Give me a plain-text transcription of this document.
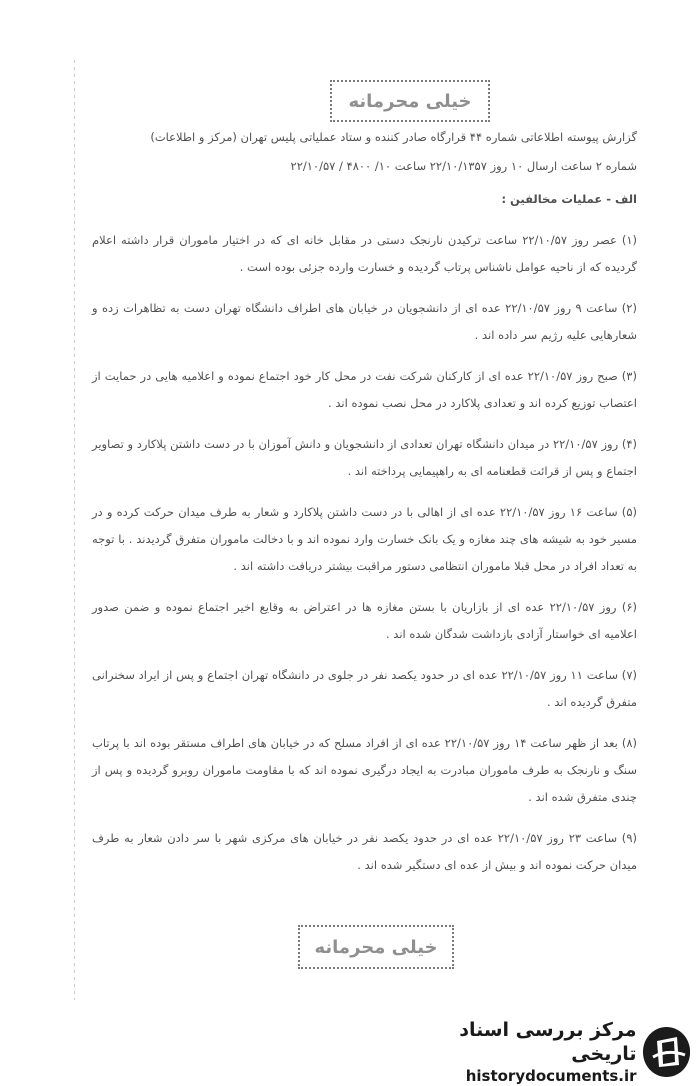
خیلی محرمانه

گزارش پیوسته اطلاعاتی شماره ۴۴ قرارگاه صادر کننده و ستاد عملیاتی پلیس تهران (مرکز و اطلاعات)

شماره ۲ ساعت ارسال ۱۰ روز ۲۲/۱۰/۱۳۵۷ ساعت ۱۰/ ۴۸۰۰ / ۲۲/۱۰/۵۷

الف - عملیات مخالفین :

(۱) عصر روز ۲۲/۱۰/۵۷ ساعت ترکیدن نارنجک دستی در مقابل خانه ای که در اختیار ماموران قرار داشته اعلام گردیده که از ناحیه عوامل ناشناس پرتاب گردیده و خسارت وارده جزئی بوده است .

(۲) ساعت ۹ روز ۲۲/۱۰/۵۷ عده ای از دانشجویان در خیابان های اطراف دانشگاه تهران دست به تظاهرات زده و شعارهایی علیه رژیم سر داده اند .

(۳) صبح روز ۲۲/۱۰/۵۷ عده ای از کارکنان شرکت نفت در محل کار خود اجتماع نموده و اعلامیه هایی در حمایت از اعتصاب توزیع کرده اند و تعدادی پلاکارد در محل نصب نموده اند .

(۴) روز ۲۲/۱۰/۵۷ در میدان دانشگاه تهران تعدادی از دانشجویان و دانش آموزان با در دست داشتن پلاکارد و تصاویر اجتماع و پس از قرائت قطعنامه ای به راهپیمایی پرداخته اند .

(۵) ساعت ۱۶ روز ۲۲/۱۰/۵۷ عده ای از اهالی با در دست داشتن پلاکارد و شعار به طرف میدان حرکت کرده و در مسیر خود به شیشه های چند مغازه و یک بانک خسارت وارد نموده اند و با دخالت ماموران متفرق گردیدند . با توجه به تعداد افراد در محل قبلا ماموران انتظامی دستور مراقبت بیشتر دریافت داشته اند .

(۶) روز ۲۲/۱۰/۵۷ عده ای از بازاریان با بستن مغازه ها در اعتراض به وقایع اخیر اجتماع نموده و ضمن صدور اعلامیه ای خواستار آزادی بازداشت شدگان شده اند .

(۷) ساعت ۱۱ روز ۲۲/۱۰/۵۷ عده ای در حدود یکصد نفر در جلوی در دانشگاه تهران اجتماع و پس از ایراد سخنرانی متفرق گردیده اند .

(۸) بعد از ظهر ساعت ۱۴ روز ۲۲/۱۰/۵۷ عده ای از افراد مسلح که در خیابان های اطراف مستقر بوده اند با پرتاب سنگ و نارنجک به طرف ماموران مبادرت به ایجاد درگیری نموده اند که با مقاومت ماموران روبرو گردیده و پس از چندی متفرق شده اند .

(۹) ساعت ۲۳ روز ۲۲/۱۰/۵۷ عده ای در حدود یکصد نفر در خیابان های مرکزی شهر با سر دادن شعار به طرف میدان حرکت نموده اند و بیش از عده ای دستگیر شده اند .

خیلی محرمانه
مرکز بررسی اسناد تاریخی
historydocuments.ir
